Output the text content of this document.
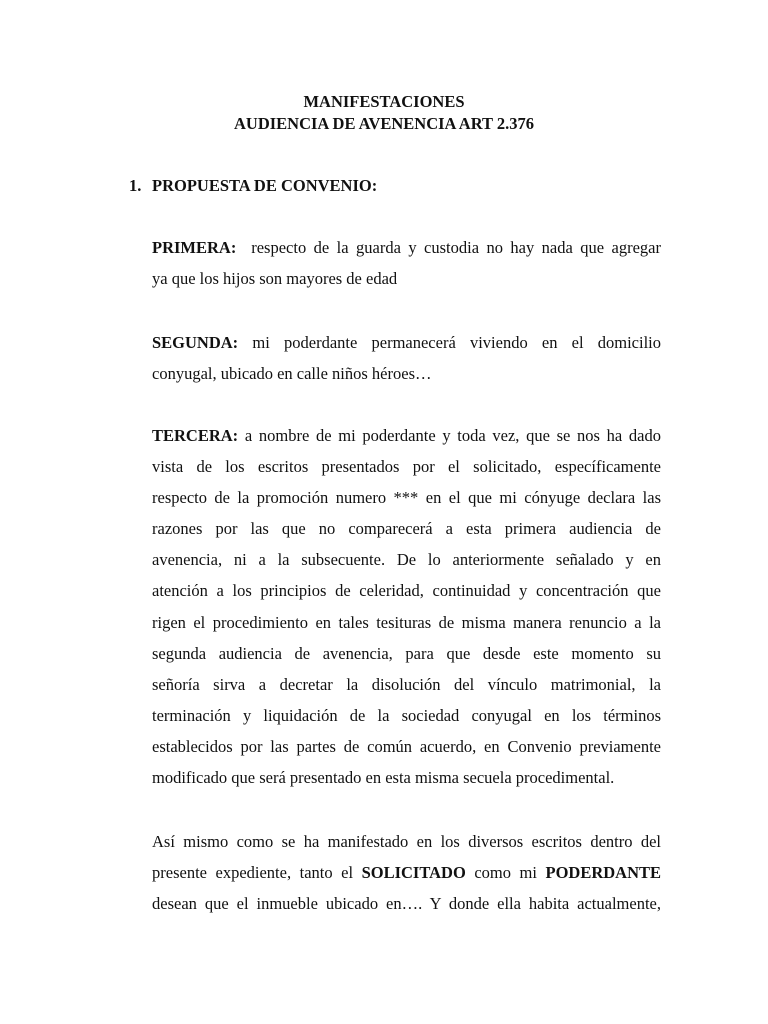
MANIFESTACIONES

AUDIENCIA DE AVENENCIA ART 2.376

1. PROPUESTA DE CONVENIO:

PRIMERA: respecto de la guarda y custodia no hay nada que agregar
ya que los hijos son mayores de edad
SEGUNDA: mi poderdante permanecerá viviendo en el domicilio
conyugal, ubicado en calle niños héroes…
TERCERA: a nombre de mi poderdante y toda vez, que se nos ha dado
vista de los escritos presentados por el solicitado, específicamente
respecto de la promoción numero *** en el que mi cónyuge declara las
razones por las que no comparecerá a esta primera audiencia de
avenencia, ni a la subsecuente. De lo anteriormente señalado y en
atención a los principios de celeridad, continuidad y concentración que
rigen el procedimiento en tales tesituras de misma manera renuncio a la
segunda audiencia de avenencia, para que desde este momento su
señoría sirva a decretar la disolución del vínculo matrimonial, la
terminación y liquidación de la sociedad conyugal en los términos
establecidos por las partes de común acuerdo, en Convenio previamente
modificado que será presentado en esta misma secuela procedimental.
Así mismo como se ha manifestado en los diversos escritos dentro del
presente expediente, tanto el SOLICITADO como mi PODERDANTE
desean que el inmueble ubicado en…. Y donde ella habita actualmente,
